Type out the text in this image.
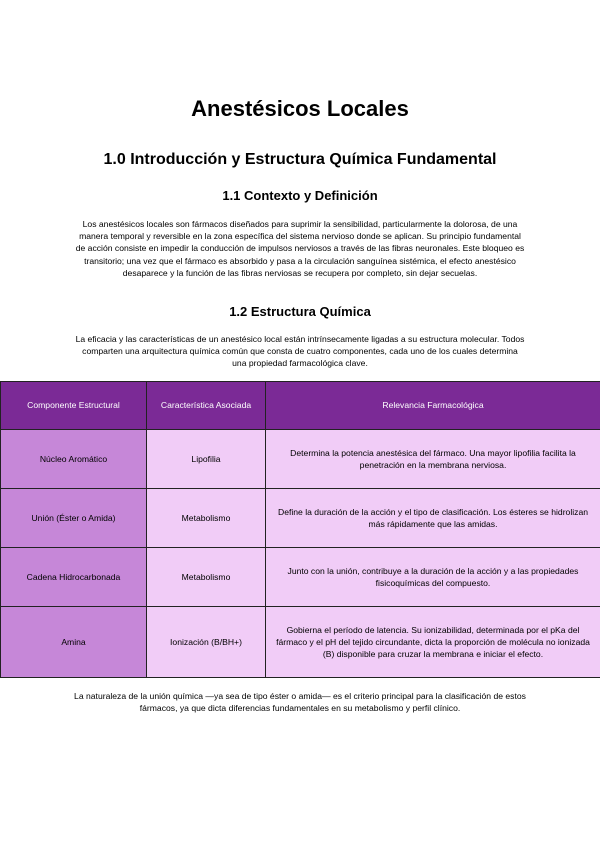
Anestésicos Locales
1.0 Introducción y Estructura Química Fundamental
1.1 Contexto y Definición

Los anestésicos locales son fármacos diseñados para suprimir la sensibilidad, particularmente la dolorosa, de una manera temporal y reversible en la zona específica del sistema nervioso donde se aplican. Su principio fundamental de acción consiste en impedir la conducción de impulsos nerviosos a través de las fibras neuronales. Este bloqueo es transitorio; una vez que el fármaco es absorbido y pasa a la circulación sanguínea sistémica, el efecto anestésico desaparece y la función de las fibras nerviosas se recupera por completo, sin dejar secuelas.

1.2 Estructura Química

La eficacia y las características de un anestésico local están intrínsecamente ligadas a su estructura molecular. Todos comparten una arquitectura química común que consta de cuatro componentes, cada uno de los cuales determina una propiedad farmacológica clave.

Componente Estructural	Característica Asociada	Relevancia Farmacológica
Núcleo Aromático	Lipofilia	Determina la potencia anestésica del fármaco. Una mayor lipofilia facilita la penetración en la membrana nerviosa.
Unión (Éster o Amida)	Metabolismo	Define la duración de la acción y el tipo de clasificación. Los ésteres se hidrolizan más rápidamente que las amidas.
Cadena Hidrocarbonada	Metabolismo	Junto con la unión, contribuye a la duración de la acción y a las propiedades fisicoquímicas del compuesto.
Amina	Ionización (B/BH+)	Gobierna el período de latencia. Su ionizabilidad, determinada por el pKa del fármaco y el pH del tejido circundante, dicta la proporción de molécula no ionizada (B) disponible para cruzar la membrana e iniciar el efecto.

La naturaleza de la unión química —ya sea de tipo éster o amida— es el criterio principal para la clasificación de estos fármacos, ya que dicta diferencias fundamentales en su metabolismo y perfil clínico.
